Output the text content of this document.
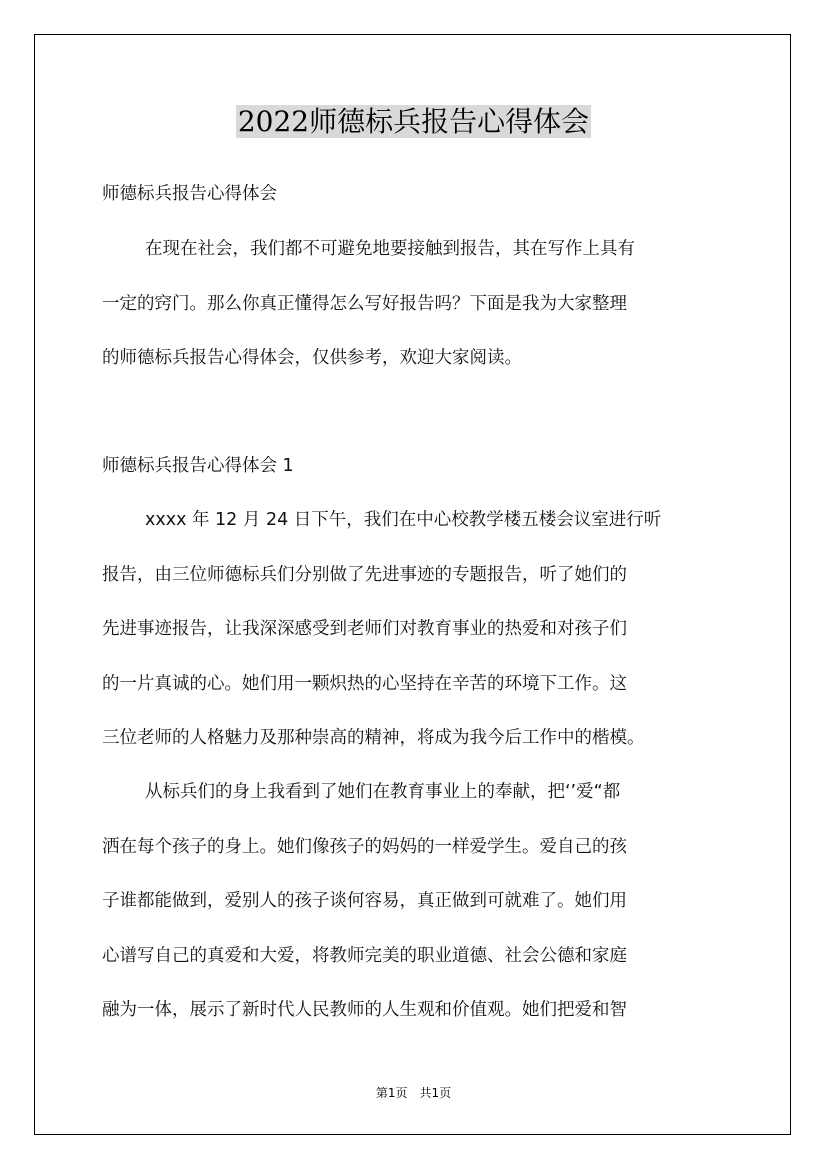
2022师德标兵报告心得体会
师德标兵报告心得体会
在现在社会，我们都不可避免地要接触到报告，其在写作上具有
一定的窍门。那么你真正懂得怎么写好报告吗？下面是我为大家整理
的师德标兵报告心得体会，仅供参考，欢迎大家阅读。
师德标兵报告心得体会 1
xxxx 年 12 月 24 日下午，我们在中心校教学楼五楼会议室进行听
报告，由三位师德标兵们分别做了先进事迹的专题报告，听了她们的
先进事迹报告，让我深深感受到老师们对教育事业的热爱和对孩子们
的一片真诚的心。她们用一颗炽热的心坚持在辛苦的环境下工作。这
三位老师的人格魅力及那种崇高的精神，将成为我今后工作中的楷模。
从标兵们的身上我看到了她们在教育事业上的奉献，把‘’爱“都
洒在每个孩子的身上。她们像孩子的妈妈的一样爱学生。爱自己的孩
子谁都能做到，爱别人的孩子谈何容易，真正做到可就难了。她们用
心谱写自己的真爱和大爱，将教师完美的职业道德、社会公德和家庭
融为一体，展示了新时代人民教师的人生观和价值观。她们把爱和智
第1页　共1页
